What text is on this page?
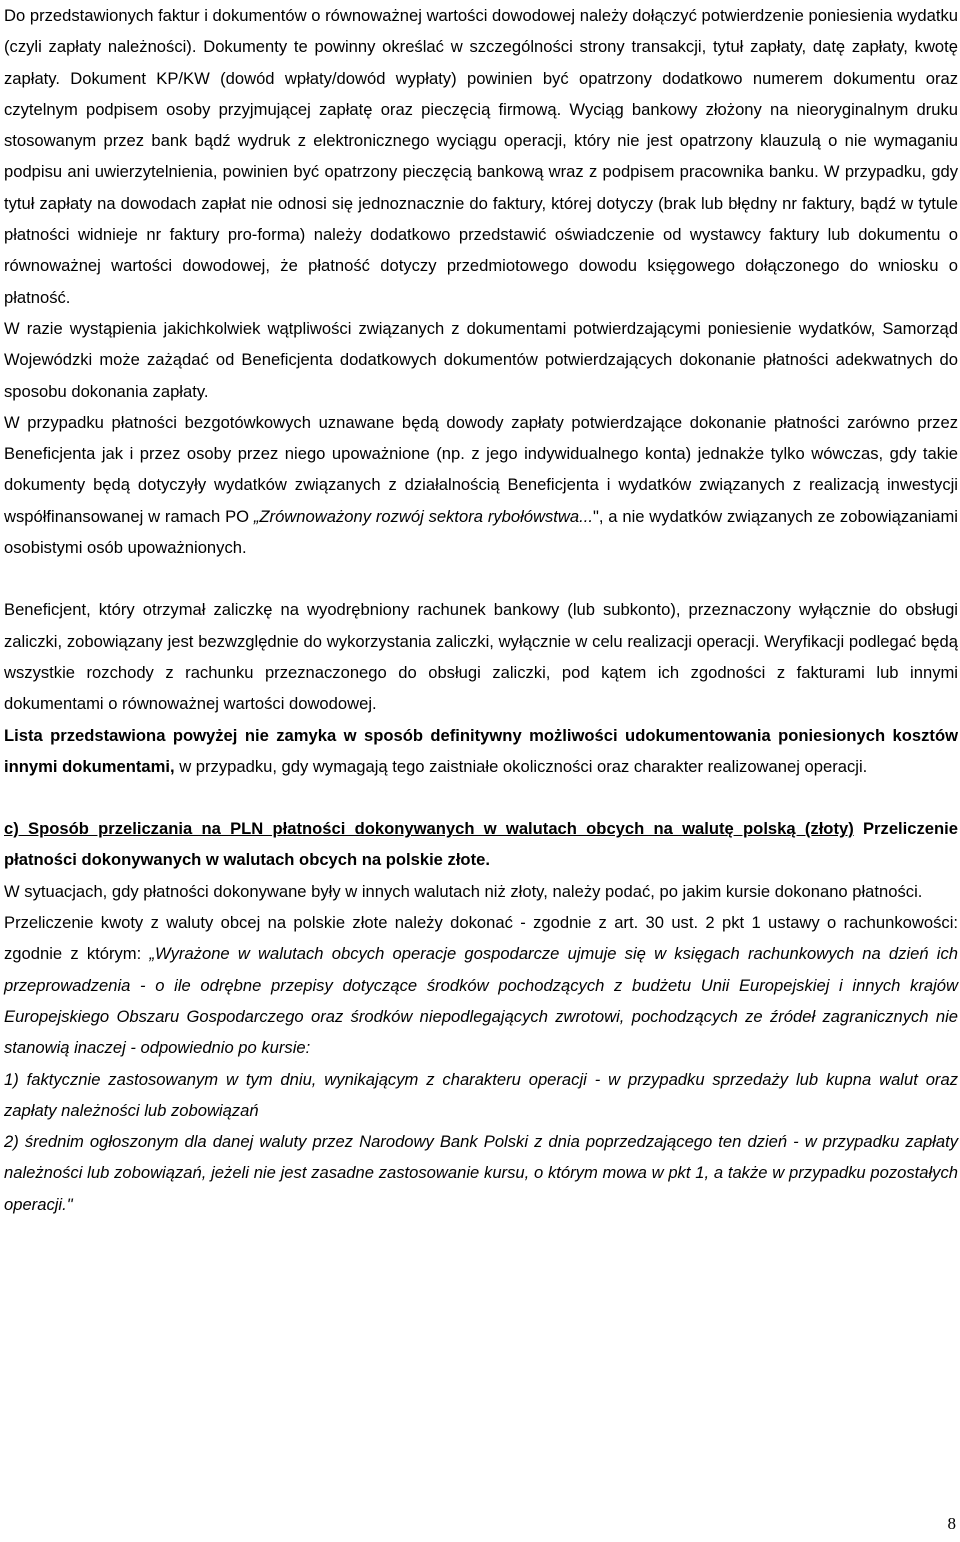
Do przedstawionych faktur i dokumentów o równoważnej wartości dowodowej należy dołączyć potwierdzenie poniesienia wydatku (czyli zapłaty należności). Dokumenty te powinny określać w szczególności strony transakcji, tytuł zapłaty, datę zapłaty, kwotę zapłaty. Dokument KP/KW (dowód wpłaty/dowód wypłaty) powinien być opatrzony dodatkowo numerem dokumentu oraz czytelnym podpisem osoby przyjmującej zapłatę oraz pieczęcią firmową. Wyciąg bankowy złożony na nieoryginalnym druku stosowanym przez bank bądź wydruk z elektronicznego wyciągu operacji, który nie jest opatrzony klauzulą o nie wymaganiu podpisu ani uwierzytelnienia, powinien być opatrzony pieczęcią bankową wraz z podpisem pracownika banku. W przypadku, gdy tytuł zapłaty na dowodach zapłat nie odnosi się jednoznacznie do faktury, której dotyczy (brak lub błędny nr faktury, bądź w tytule płatności widnieje nr faktury pro-forma) należy dodatkowo przedstawić oświadczenie od wystawcy faktury lub dokumentu o równoważnej wartości dowodowej, że płatność dotyczy przedmiotowego dowodu księgowego dołączonego do wniosku o płatność.

W razie wystąpienia jakichkolwiek wątpliwości związanych z dokumentami potwierdzającymi poniesienie wydatków, Samorząd Wojewódzki może zażądać od Beneficjenta dodatkowych dokumentów potwierdzających dokonanie płatności adekwatnych do sposobu dokonania zapłaty.

W przypadku płatności bezgotówkowych uznawane będą dowody zapłaty potwierdzające dokonanie płatności zarówno przez Beneficjenta jak i przez osoby przez niego upoważnione (np. z jego indywidualnego konta) jednakże tylko wówczas, gdy takie dokumenty będą dotyczyły wydatków związanych z działalnością Beneficjenta i wydatków związanych z realizacją inwestycji współfinansowanej w ramach PO „Zrównoważony rozwój sektora rybołówstwa...", a nie wydatków związanych ze zobowiązaniami osobistymi osób upoważnionych.

Beneficjent, który otrzymał zaliczkę na wyodrębniony rachunek bankowy (lub subkonto), przeznaczony wyłącznie do obsługi zaliczki, zobowiązany jest bezwzględnie do wykorzystania zaliczki, wyłącznie w celu realizacji operacji. Weryfikacji podlegać będą wszystkie rozchody z rachunku przeznaczonego do obsługi zaliczki, pod kątem ich zgodności z fakturami lub innymi dokumentami o równoważnej wartości dowodowej.

Lista przedstawiona powyżej nie zamyka w sposób definitywny możliwości udokumentowania poniesionych kosztów innymi dokumentami, w przypadku, gdy wymagają tego zaistniałe okoliczności oraz charakter realizowanej operacji.

c) Sposób przeliczania na PLN płatności dokonywanych w walutach obcych na walutę polską (złoty) Przeliczenie płatności dokonywanych w walutach obcych na polskie złote.

W sytuacjach, gdy płatności dokonywane były w innych walutach niż złoty, należy podać, po jakim kursie dokonano płatności.

Przeliczenie kwoty z waluty obcej na polskie złote należy dokonać - zgodnie z art. 30 ust. 2 pkt 1 ustawy o rachunkowości: zgodnie z którym: „Wyrażone w walutach obcych operacje gospodarcze ujmuje się w księgach rachunkowych na dzień ich przeprowadzenia - o ile odrębne przepisy dotyczące środków pochodzących z budżetu Unii Europejskiej i innych krajów Europejskiego Obszaru Gospodarczego oraz środków niepodlegających zwrotowi, pochodzących ze źródeł zagranicznych nie stanowią inaczej - odpowiednio po kursie:

1) faktycznie zastosowanym w tym dniu, wynikającym z charakteru operacji - w przypadku sprzedaży lub kupna walut oraz zapłaty należności lub zobowiązań

2) średnim ogłoszonym dla danej waluty przez Narodowy Bank Polski z dnia poprzedzającego ten dzień - w przypadku zapłaty należności lub zobowiązań, jeżeli nie jest zasadne zastosowanie kursu, o którym mowa w pkt 1, a także w przypadku pozostałych operacji."

8
